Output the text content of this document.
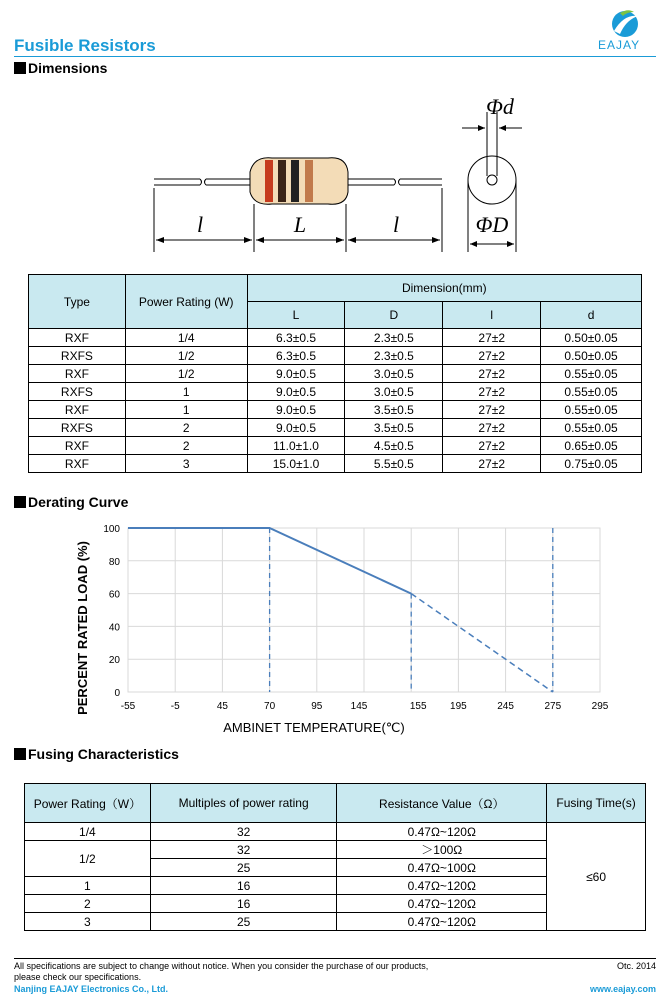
Fusible Resistors	EAJAY
Dimensions
l	L	l
Φd
ΦD
Type	Power Rating (W)	Dimension(mm)			
		L	D	l	d
RXF	1/4	6.3±0.5	2.3±0.5	27±2	0.50±0.05
RXFS	1/2	6.3±0.5	2.3±0.5	27±2	0.50±0.05
RXF	1/2	9.0±0.5	3.0±0.5	27±2	0.55±0.05
RXFS	1	9.0±0.5	3.0±0.5	27±2	0.55±0.05
RXF	1	9.0±0.5	3.5±0.5	27±2	0.55±0.05
RXFS	2	9.0±0.5	3.5±0.5	27±2	0.55±0.05
RXF	2	11.0±1.0	4.5±0.5	27±2	0.65±0.05
RXF	3	15.0±1.0	5.5±0.5	27±2	0.75±0.05
Derating Curve
0
20
40
60
80
100
-55	-5	45	70	95	145	155 195	245	275	295
AMBINET TEMPERATURE(℃)
PERCENT RATED LOAD (%)
Fusing Characteristics
Power Rating（W）	Multiples of power rating	Resistance Value（Ω）	Fusing Time(s)
1/4	32	0.47Ω~120Ω	≤60
1/2	32	＞100Ω	
	25	0.47Ω~100Ω	
1	16	0.47Ω~120Ω	
2	16	0.47Ω~120Ω	
3	25	0.47Ω~120Ω	
All specifications are subject to change without notice. When you consider the purchase of our products,
please check our specifications.
Otc. 2014
Nanjing EAJAY Electronics Co., Ltd.	www.eajay.com
